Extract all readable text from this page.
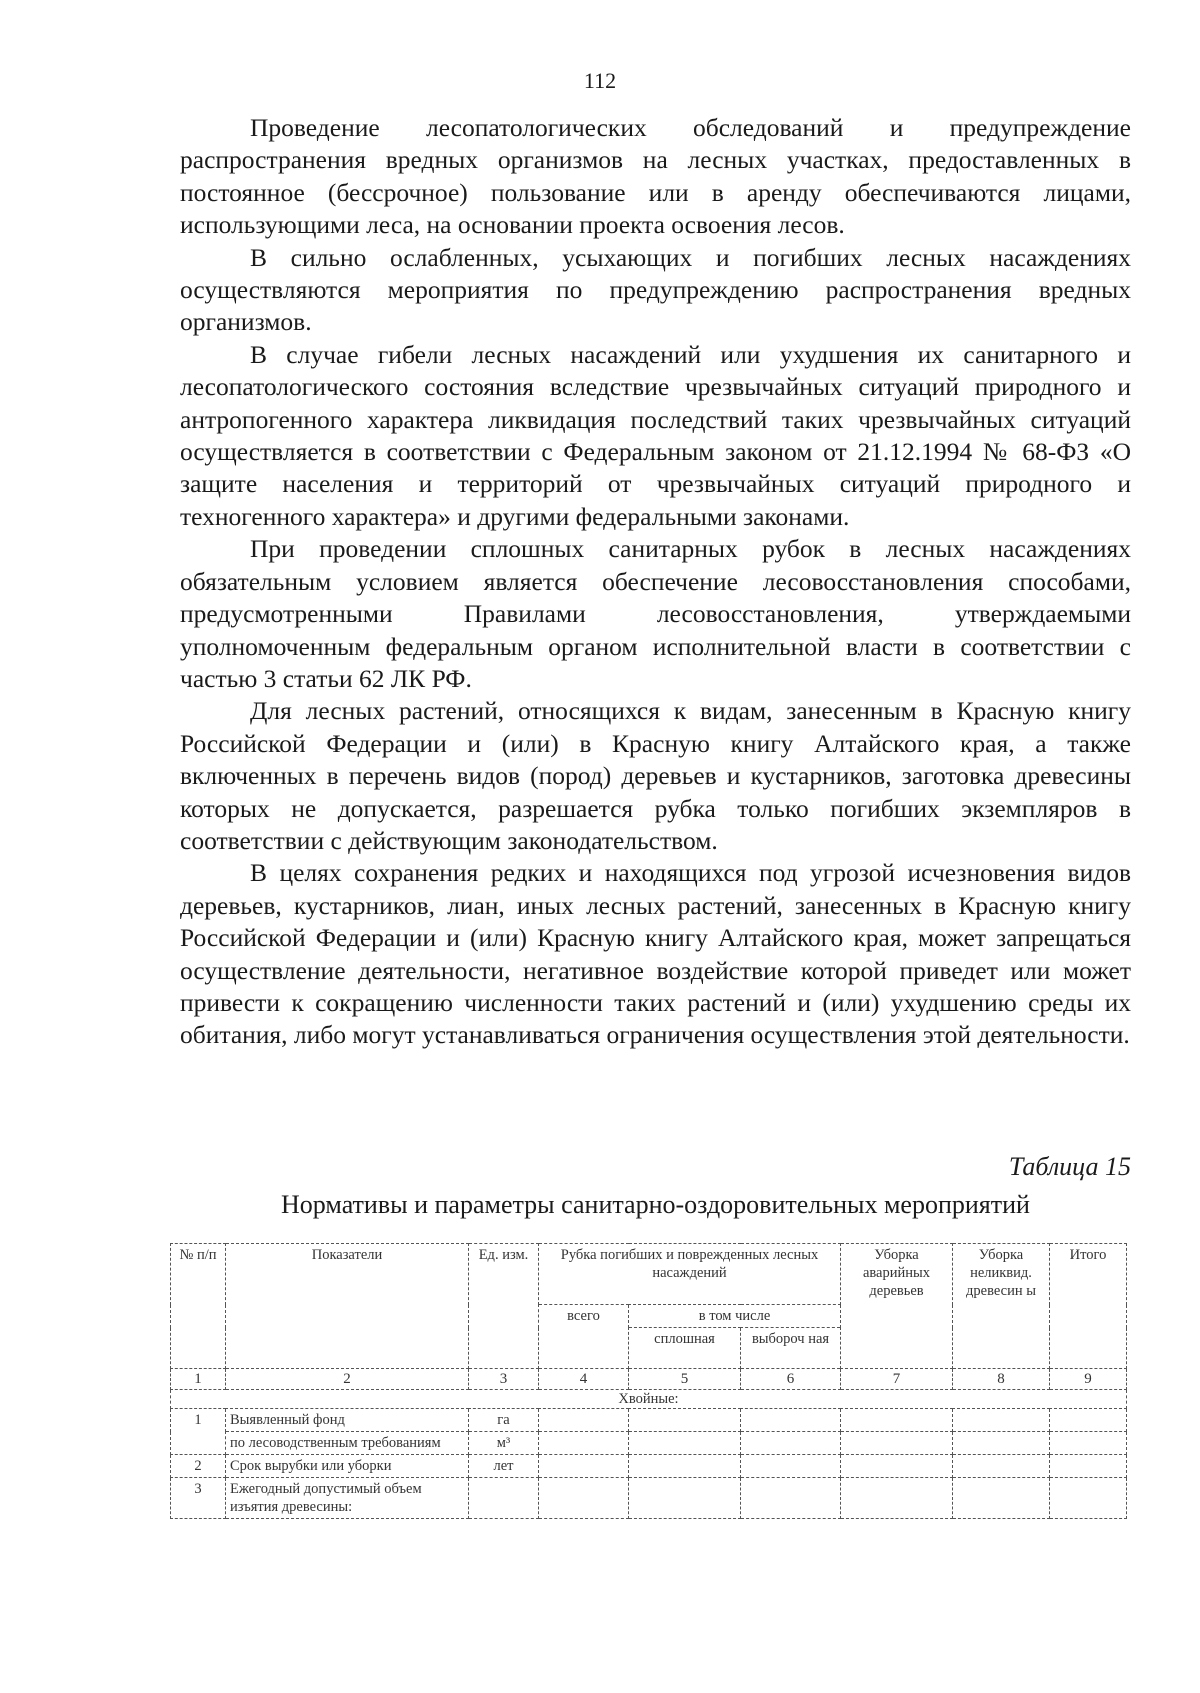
112

Проведение лесопатологических обследований и предупреждение распространения вредных организмов на лесных участках, предоставленных в постоянное (бессрочное) пользование или в аренду обеспечиваются лицами, использующими леса, на основании проекта освоения лесов.

В сильно ослабленных, усыхающих и погибших лесных насаждениях осуществляются мероприятия по предупреждению распространения вредных организмов.

В случае гибели лесных насаждений или ухудшения их санитарного и лесопатологического состояния вследствие чрезвычайных ситуаций природного и антропогенного характера ликвидация последствий таких чрезвычайных ситуаций осуществляется в соответствии с Федеральным законом от 21.12.1994 № 68-ФЗ «О защите населения и территорий от чрезвычайных ситуаций природного и техногенного характера» и другими федеральными законами.

При проведении сплошных санитарных рубок в лесных насаждениях обязательным условием является обеспечение лесовосстановления способами, предусмотренными Правилами лесовосстановления, утверждаемыми уполномоченным федеральным органом исполнительной власти в соответствии с частью 3 статьи 62 ЛК РФ.

Для лесных растений, относящихся к видам, занесенным в Красную книгу Российской Федерации и (или) в Красную книгу Алтайского края, а также включенных в перечень видов (пород) деревьев и кустарников, заготовка древесины которых не допускается, разрешается рубка только погибших экземпляров в соответствии с действующим законодательством.

В целях сохранения редких и находящихся под угрозой исчезновения видов деревьев, кустарников, лиан, иных лесных растений, занесенных в Красную книгу Российской Федерации и (или) Красную книгу Алтайского края, может запрещаться осуществление деятельности, негативное воздействие которой приведет или может привести к сокращению численности таких растений и (или) ухудшению среды их обитания, либо могут устанавливаться ограничения осуществления этой деятельности.

Таблица 15
Нормативы и параметры санитарно-оздоровительных мероприятий
№ п/п	Показатели	Ед. изм.	Рубка погибших и поврежденных лесных насаждений			Уборка аварийных деревьев	Уборка неликвид. древесин ы	Итого
			всего	в том числе				
				сплошная	выбороч ная			
1	2	3	4	5	6	7	8	9
Хвойные:								
1	Выявленный фонд	га						
	по лесоводственным требованиям	м³						
2	Срок вырубки или уборки	лет						
3	Ежегодный допустимый объем изъятия древесины:							
